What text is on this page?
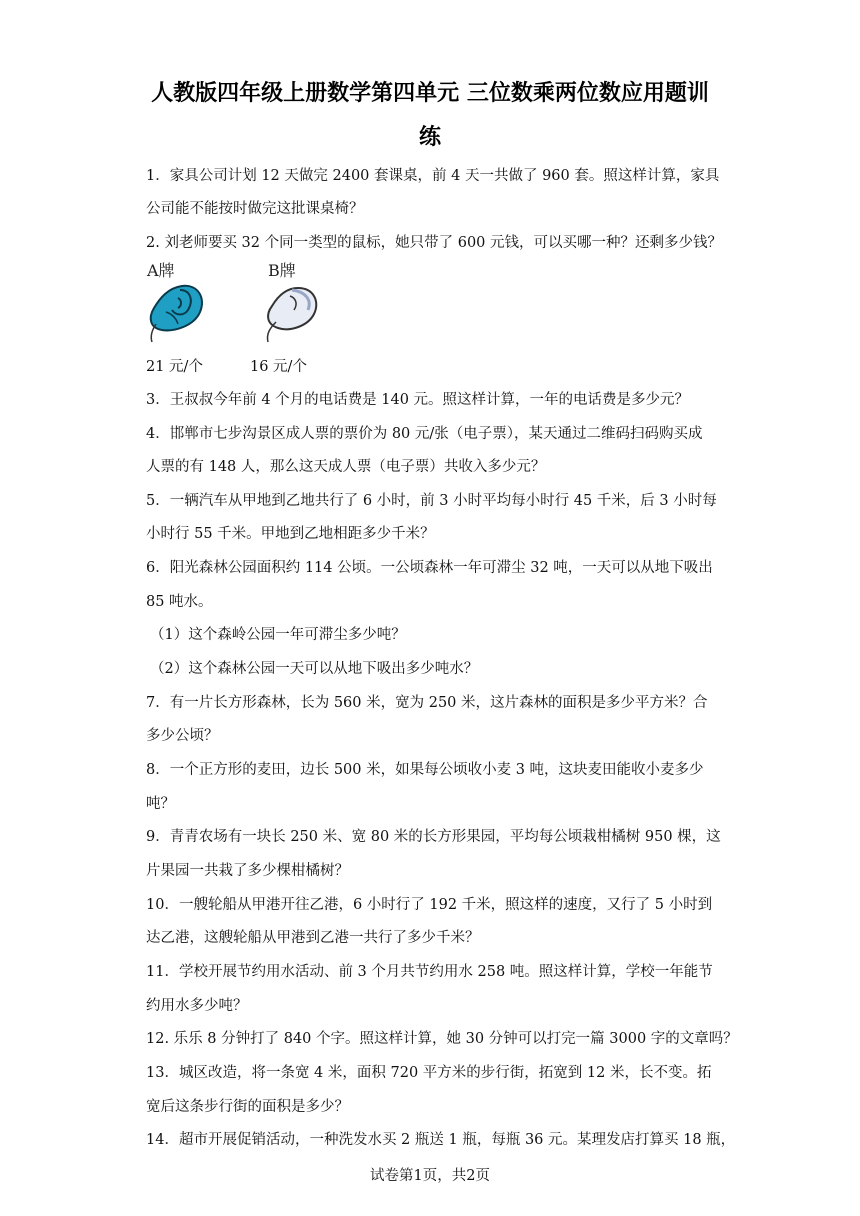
人教版四年级上册数学第四单元 三位数乘两位数应用题训
练
1．家具公司计划 12 天做完 2400 套课桌，前 4 天一共做了 960 套。照这样计算，家具
公司能不能按时做完这批课桌椅？
2. 刘老师要买 32 个同一类型的鼠标，她只带了 600 元钱，可以买哪一种？还剩多少钱？
A牌	B牌
21 元/个	16 元/个
3．王叔叔今年前 4 个月的电话费是 140 元。照这样计算，一年的电话费是多少元？
4．邯郸市七步沟景区成人票的票价为 80 元/张（电子票），某天通过二维码扫码购买成
人票的有 148 人，那么这天成人票（电子票）共收入多少元？
5．一辆汽车从甲地到乙地共行了 6 小时，前 3 小时平均每小时行 45 千米，后 3 小时每
小时行 55 千米。甲地到乙地相距多少千米？
6．阳光森林公园面积约 114 公顷。一公顷森林一年可滞尘 32 吨，一天可以从地下吸出
85 吨水。
（1）这个森岭公园一年可滞尘多少吨？
（2）这个森林公园一天可以从地下吸出多少吨水？
7．有一片长方形森林，长为 560 米，宽为 250 米，这片森林的面积是多少平方米？合
多少公顷？
8．一个正方形的麦田，边长 500 米，如果每公顷收小麦 3 吨，这块麦田能收小麦多少
吨？
9．青青农场有一块长 250 米、宽 80 米的长方形果园，平均每公顷栽柑橘树 950 棵，这
片果园一共栽了多少棵柑橘树？
10．一艘轮船从甲港开往乙港，6 小时行了 192 千米，照这样的速度，又行了 5 小时到
达乙港，这艘轮船从甲港到乙港一共行了多少千米？
11．学校开展节约用水活动、前 3 个月共节约用水 258 吨。照这样计算，学校一年能节
约用水多少吨？
12. 乐乐 8 分钟打了 840 个字。照这样计算，她 30 分钟可以打完一篇 3000 字的文章吗？
13．城区改造，将一条宽 4 米，面积 720 平方米的步行街，拓宽到 12 米，长不变。拓
宽后这条步行街的面积是多少？
14．超市开展促销活动，一种洗发水买 2 瓶送 1 瓶，每瓶 36 元。某理发店打算买 18 瓶，
试卷第1页，共2页
